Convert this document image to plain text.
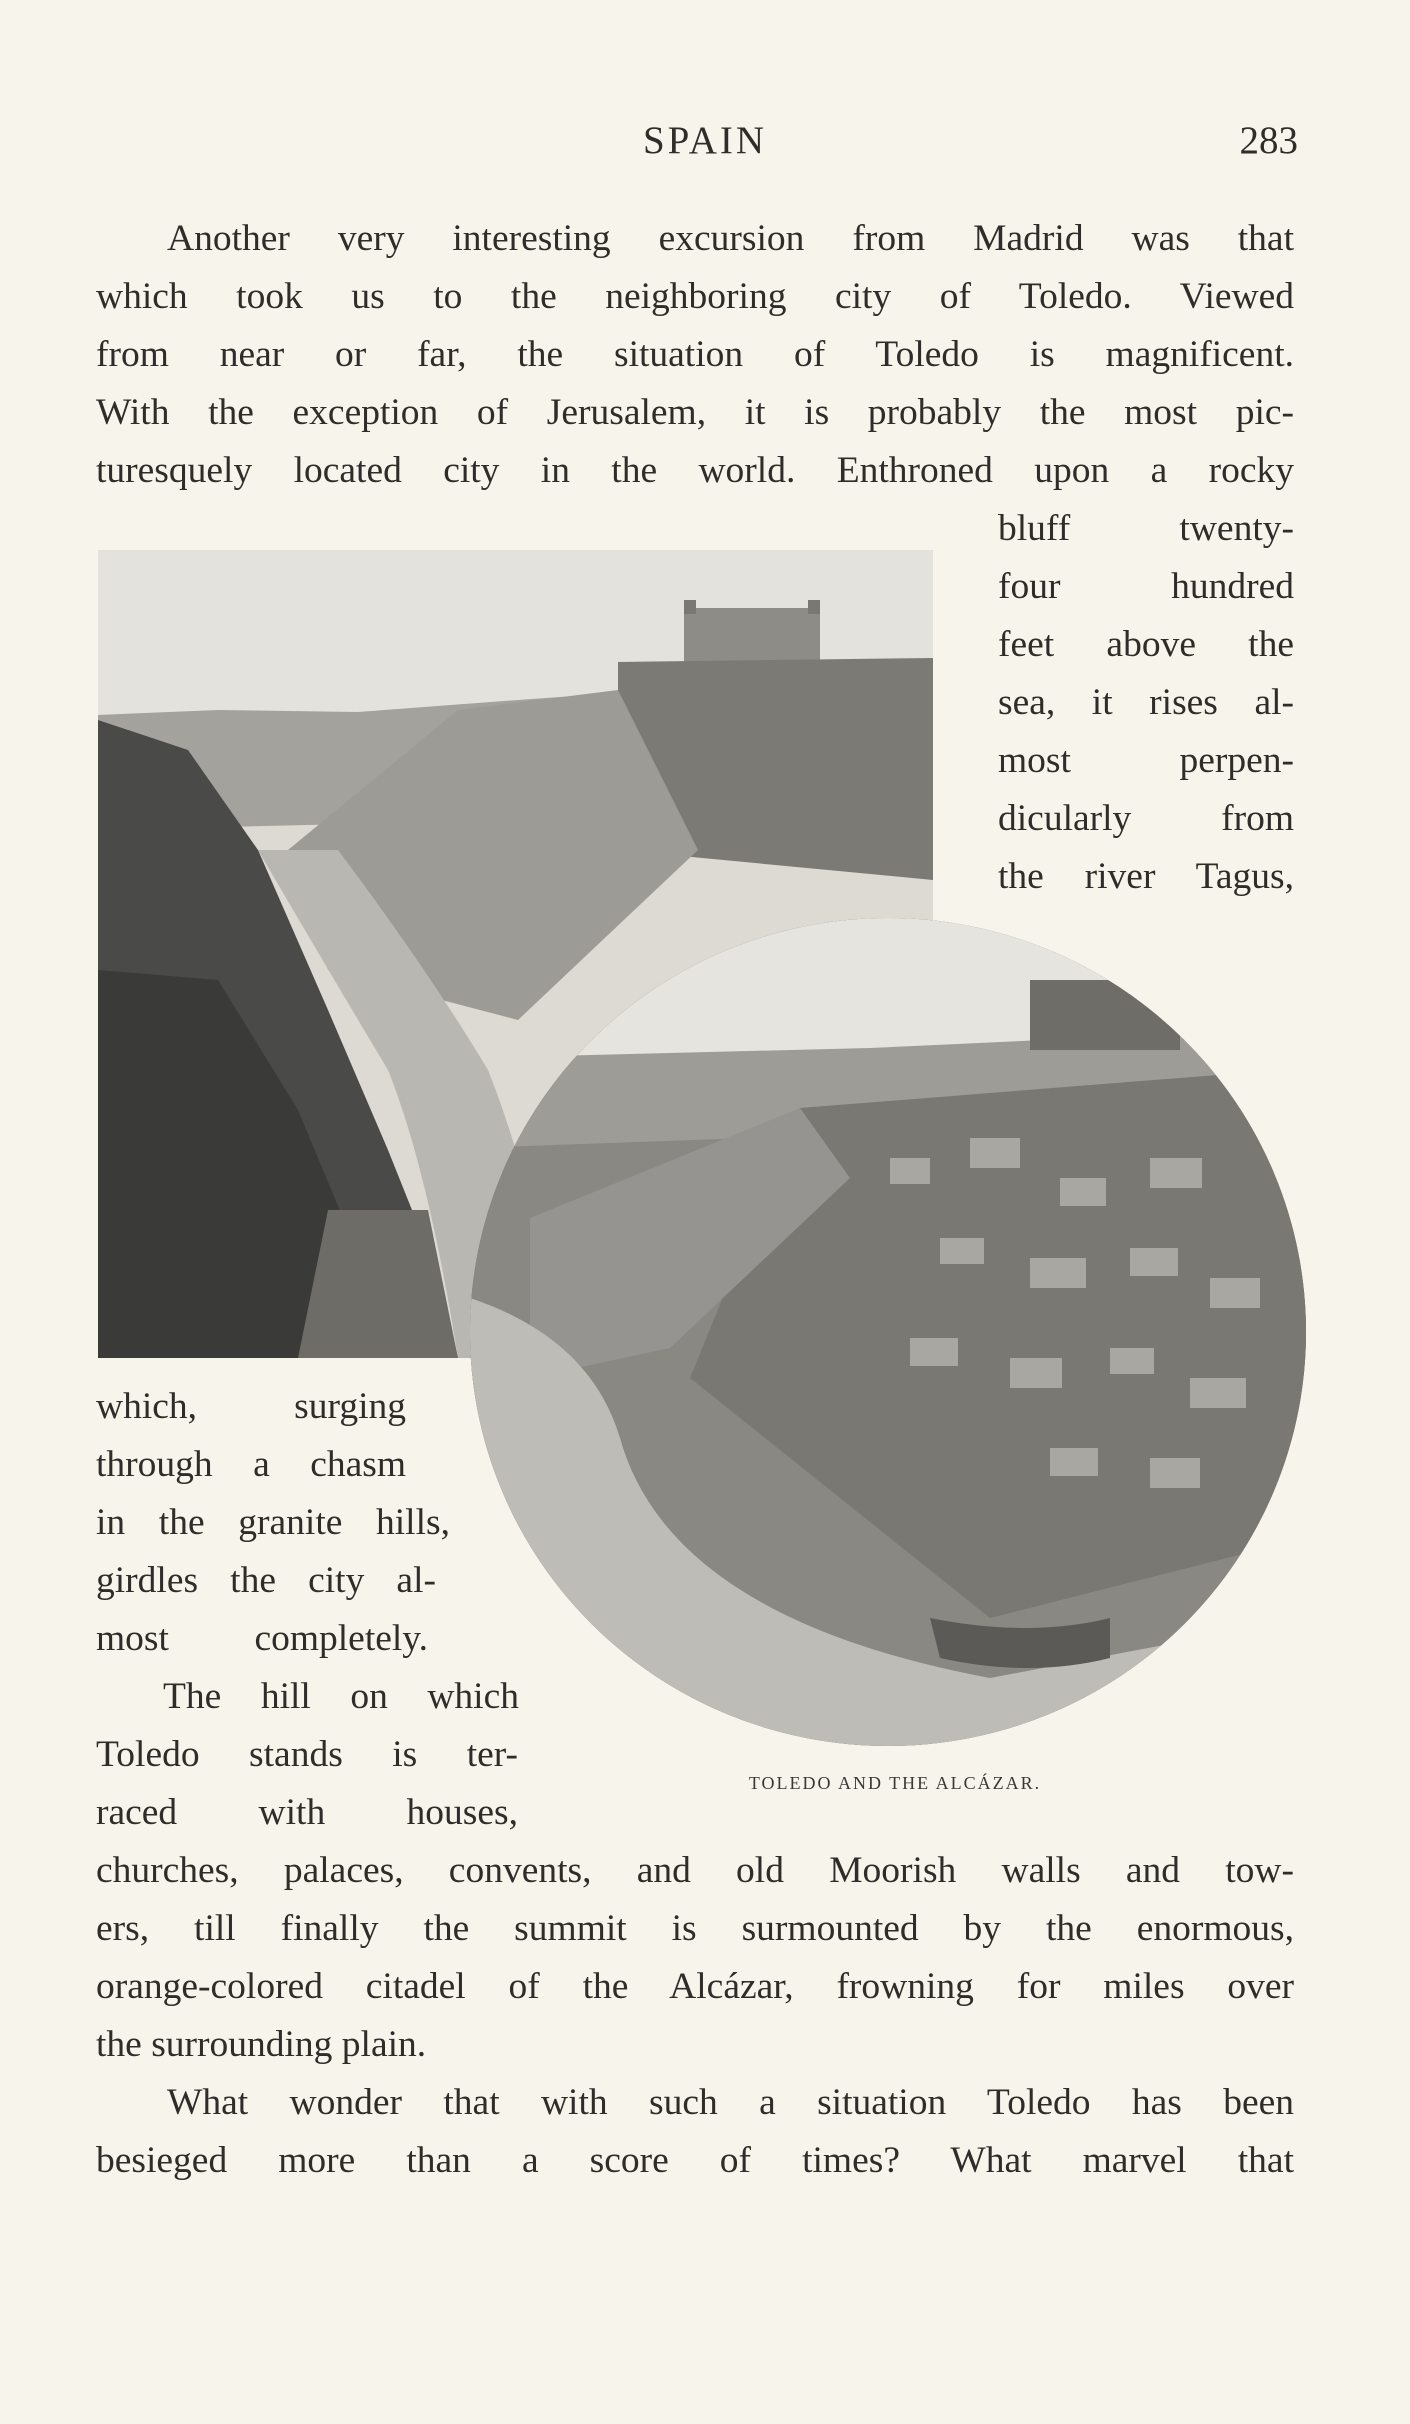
SPAIN	283
Another very interesting excursion from Madrid was that
which took us to the neighboring city of Toledo. Viewed
from near or far, the situation of Toledo is magnificent.
With the exception of Jerusalem, it is probably the most pic-
turesquely located city in the world. Enthroned upon a rocky
bluff twenty-
four hundred
feet above the
sea, it rises al-
most perpen-
dicularly from
the river Tagus,
which, surging
through a chasm
in the granite hills,
girdles the city al-
most completely.
The hill on which
Toledo stands is ter-
raced with houses,
TOLEDO AND THE ALCÁZAR.
churches, palaces, convents, and old Moorish walls and tow-
ers, till finally the summit is surmounted by the enormous,
orange-colored citadel of the Alcázar, frowning for miles over
the surrounding plain.
What wonder that with such a situation Toledo has been
besieged more than a score of times? What marvel that
